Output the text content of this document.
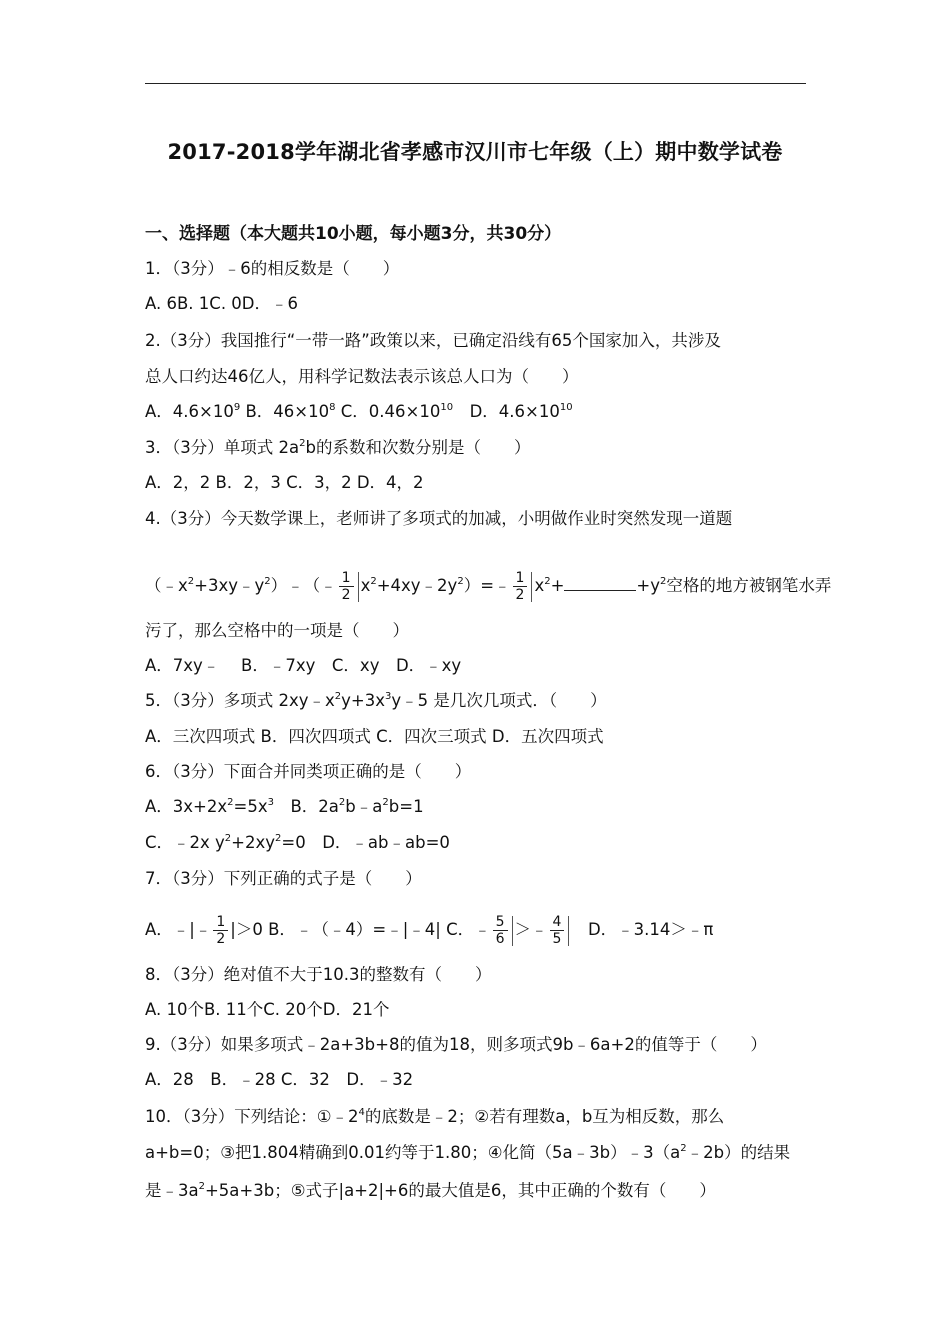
2017-2018学年湖北省孝感市汉川市七年级（上）期中数学试卷
一、选择题（本大题共10小题，每小题3分，共30分）
1．（3分）﹣6的相反数是（　　）
A. 6B. 1C. 0D．﹣6
2.（3分）我国推行“一带一路”政策以来，已确定沿线有65个国家加入，共涉及
总人口约达46亿人，用科学记数法表示该总人口为（　　）
A．$4.6\times 10^9$ B．$46\times 10^8$ C．$0.46\times 10^{10}$　D．$4.6\times 10^{10}$
3．（3分）单项式 $2a^2b$的系数和次数分别是（　　）
A．2，2 B．2，3 C．3，2 D．4，2
4.（3分）今天数学课上，老师讲了多项式的加减，小明做作业时突然发现一道题
$(﹣x^2+3xy﹣y^2)﹣(﹣ \frac{1}{2}$ $x^2+4xy﹣2y^2)=﹣ \frac{1}{2} x^2+$	$+y^2$空格的地方被钢笔水弄
污了，那么空格中的一项是（　　）
A．7xy﹣　 B．﹣7xy　C．xy　D．﹣xy
5．（3分）多项式 $2xy﹣x^2y+3x^3y﹣5$ 是几次几项式．（　　）
A．三次四项式 B．四次四项式 C．四次三项式 D．五次四项式
6．（3分）下面合并同类项正确的是（　　）
A．$3x+2x^2=5x^3$　B．$2a^2b﹣a^2b=1$
C．﹣2x $y^2+2xy^2=0$　D．﹣ab﹣ab=0
7．（3分）下列正确的式子是（　　）
A．﹣|﹣ $\frac{1}{2} |>0$ B．﹣（﹣4）=﹣|﹣4| C．﹣ $\frac{5}{6}$ ＞﹣ $\frac{4}{5}$ 　D．﹣3.14＞﹣π
8．（3分）绝对值不大于10.3的整数有（　　）
A. 10个B. 11个C. 20个D．21个
9.（3分）如果多项式﹣2a+3b+8的值为18，则多项式9b﹣6a+2的值等于（　　）
A．28　B．﹣28 C．32　D．﹣32
10．（3分）下列结论：$①﹣2^4$的底数是﹣2；②若有理数a，b互为相反数，那么
a+b=0；③把1.804精确到0.01约等于1.80；④化简$(5a﹣3b)﹣3(a^2﹣2b)$的结果
是$﹣3a^2+5a+3b$；⑤式子|a+2|+6的最大值是6，其中正确的个数有（　　）
